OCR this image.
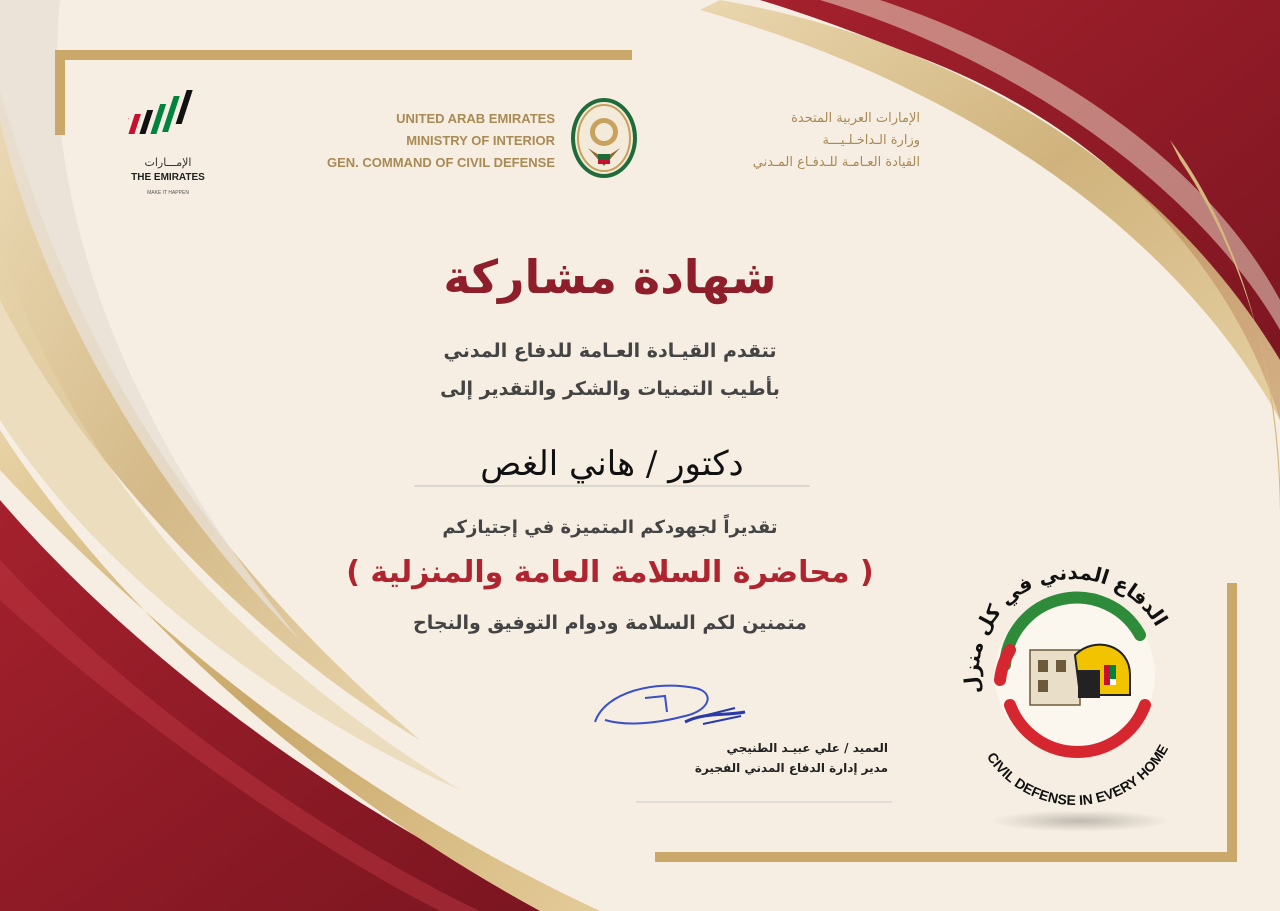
الإمـــارات
THE EMIRATES
MAKE IT HAPPEN
UNITED ARAB EMIRATES
MINISTRY OF INTERIOR
GEN. COMMAND OF CIVIL DEFENSE
الإمارات العربية المتحدة
وزارة الـداخـلـيـــة
القيادة العـامـة للـدفـاع المـدني
شهادة مشاركة
تتقدم القيـادة العـامة للدفاع المدني
بأطيب التمنيات والشكر والتقدير إلى
دكتور / هاني الغص
تقديراً لجهودكم المتميزة في إجتيازكم
( محاضرة السلامة العامة والمنزلية )
متمنين لكم السلامة ودوام التوفيق والنجاح
العميد / علي عبيـد الطنيجي
مدير إدارة الدفاع المدني الفجيرة
الدفاع المدني في كل منزل
CIVIL DEFENSE IN EVERY HOME
